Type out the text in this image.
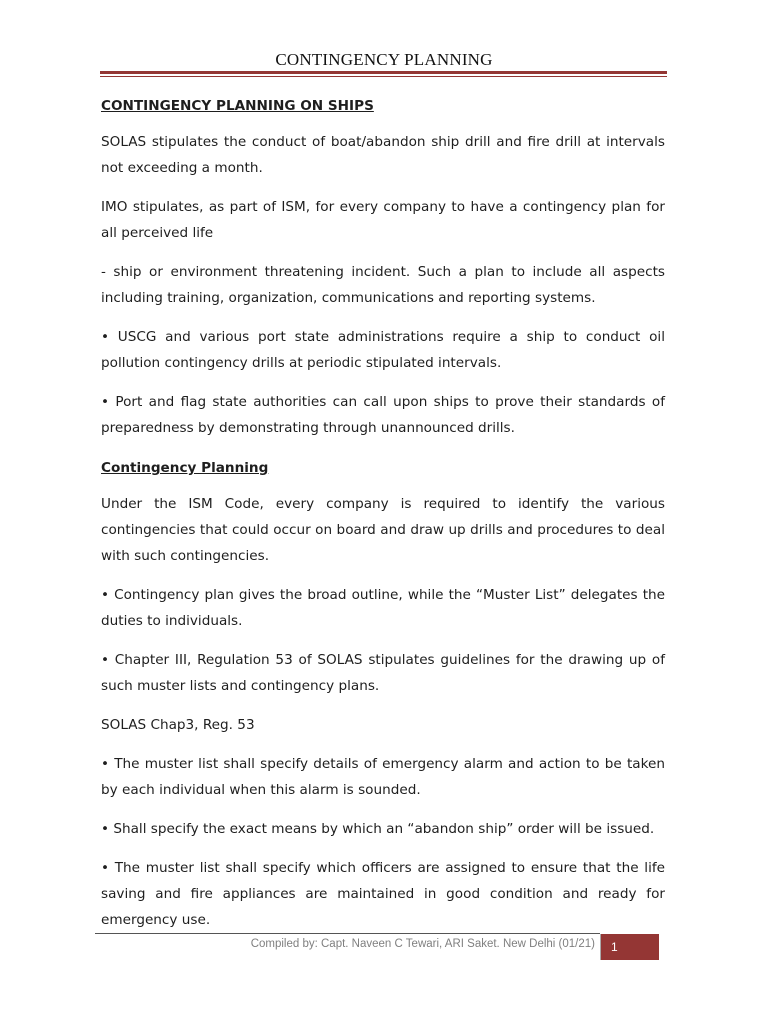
CONTINGENCY PLANNING
CONTINGENCY PLANNING ON SHIPS

SOLAS stipulates the conduct of boat/abandon ship drill and fire drill at intervals not exceeding a month.

IMO stipulates, as part of ISM, for every company to have a contingency plan for all perceived life

- ship or environment threatening incident. Such a plan to include all aspects including training, organization, communications and reporting systems.

• USCG and various port state administrations require a ship to conduct oil pollution contingency drills at periodic stipulated intervals.

• Port and flag state authorities can call upon ships to prove their standards of preparedness by demonstrating through unannounced drills.

Contingency Planning

Under the ISM Code, every company is required to identify the various contingencies that could occur on board and draw up drills and procedures to deal with such contingencies.

• Contingency plan gives the broad outline, while the “Muster List” delegates the duties to individuals.

• Chapter III, Regulation 53 of SOLAS stipulates guidelines for the drawing up of such muster lists and contingency plans.

SOLAS Chap3, Reg. 53

• The muster list shall specify details of emergency alarm and action to be taken by each individual when this alarm is sounded.

• Shall specify the exact means by which an “abandon ship” order will be issued.

• The muster list shall specify which officers are assigned to ensure that the life saving and fire appliances are maintained in good condition and ready for emergency use.

Compiled by: Capt. Naveen C Tewari, ARI Saket. New Delhi (01/21)	1
